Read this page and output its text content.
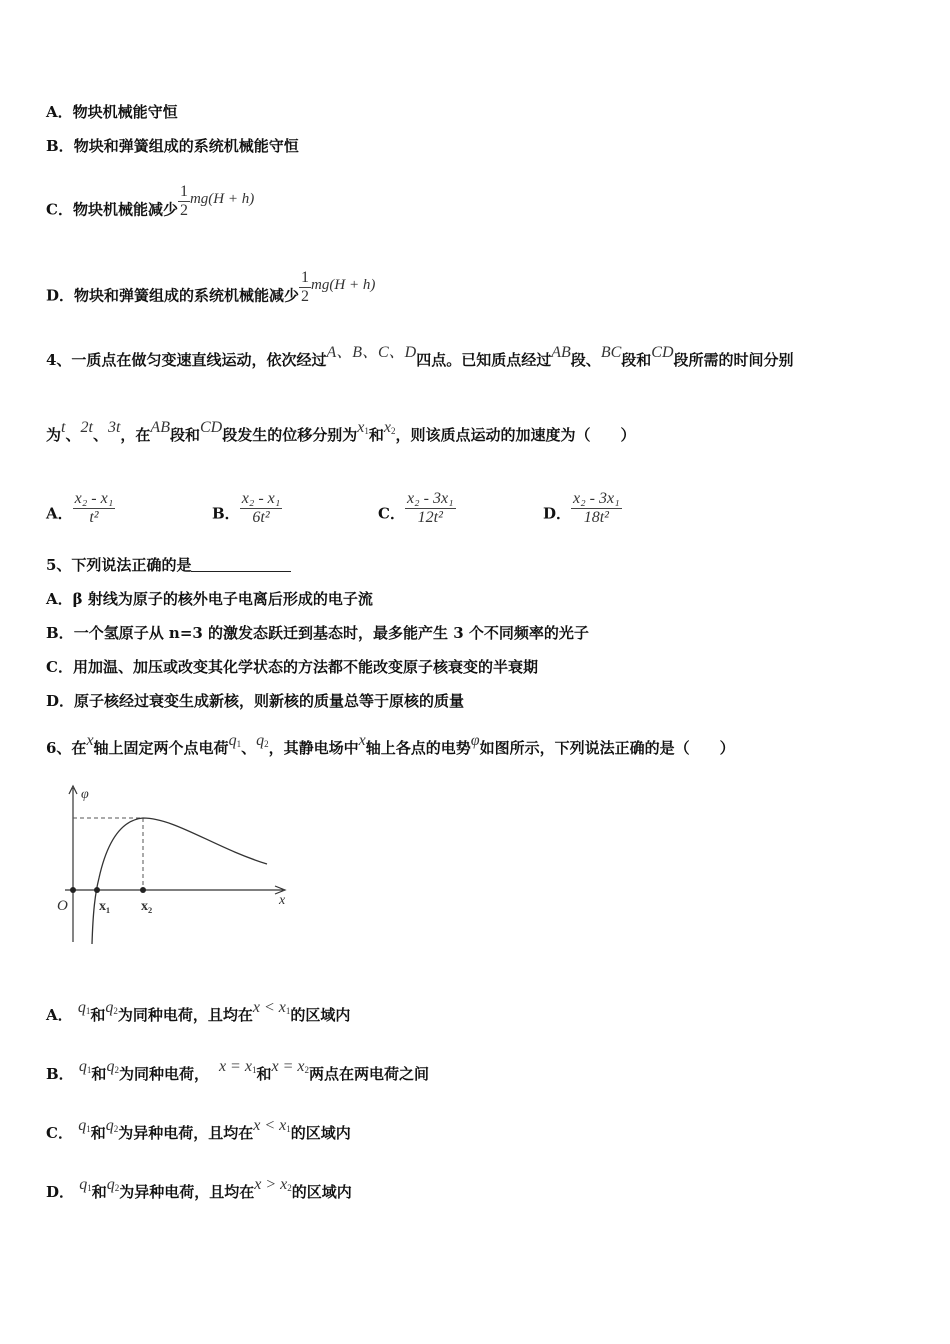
A．物块机械能守恒
B．物块和弹簧组成的系统机械能守恒
C．物块机械能减少 $\frac{1}{2} mg(H + h)$
D．物块和弹簧组成的系统机械能减少 $\frac{1}{2} mg(H + h)$
4、一质点在做匀变速直线运动，依次经过A、B、C、D四点。已知质点经过AB段、BC段和CD段所需的时间分别
为t、2t、3t，在AB段和CD段发生的位移分别为$x_1$和$x_2$，则该质点运动的加速度为（　　）
A． $\frac{\text{x₂ - x₁}}{\text{t²}}$	B． $\frac{\text{x₂ - x₁}}{\text{6t²}}$	C． $\frac{\text{x₂ - 3x₁}}{\text{12t²}}$	D． $\frac{\text{x₂ - 3x₁}}{\text{18t²}}$
5、下列说法正确的是
A．β 射线为原子的核外电子电离后形成的电子流
B．一个氢原子从 n=3 的激发态跃迁到基态时，最多能产生 3 个不同频率的光子
C．用加温、加压或改变其化学状态的方法都不能改变原子核衰变的半衰期
D．原子核经过衰变生成新核，则新核的质量总等于原核的质量
6、在x轴上固定两个点电荷$q_1$、$q_2$，其静电场中x轴上各点的电势φ如图所示，下列说法正确的是（　　）
φ
O x₁ x₂	x
A． $q_1$和$q_2$为同种电荷，且均在$x < x_1$的区域内
B． $q_1$和$q_2$为同种电荷， $x = x_1$和$x = x_2$两点在两电荷之间
C． $q_1$和$q_2$为异种电荷，且均在$x < x_1$的区域内
D． $q_1$和$q_2$为异种电荷，且均在$x > x_2$的区域内
